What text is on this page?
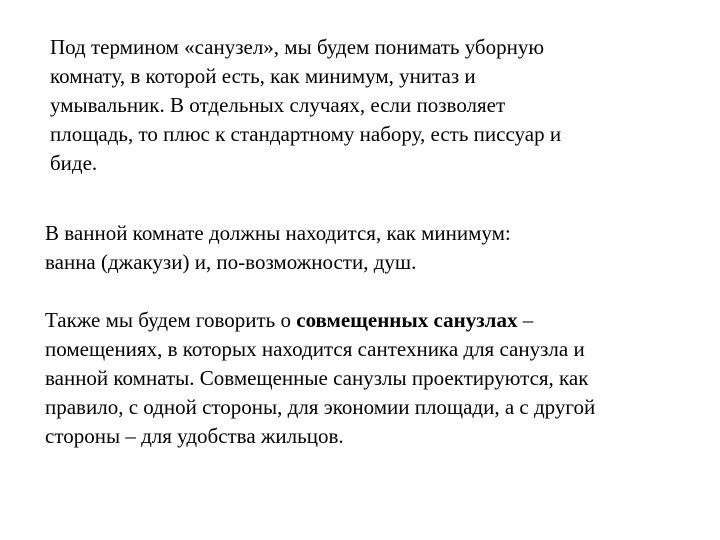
Под термином «санузел», мы будем понимать уборную
комнату, в которой есть, как минимум, унитаз и
умывальник. В отдельных случаях, если позволяет
площадь, то плюс к стандартному набору, есть писсуар и
биде.

В ванной комнате должны находится, как минимум:
ванна (джакузи) и, по-возможности, душ.

Также мы будем говорить о совмещенных санузлах –
помещениях, в которых находится сантехника для санузла и
ванной комнаты. Совмещенные санузлы проектируются, как
правило, с одной стороны, для экономии площади, а с другой
стороны – для удобства жильцов.
